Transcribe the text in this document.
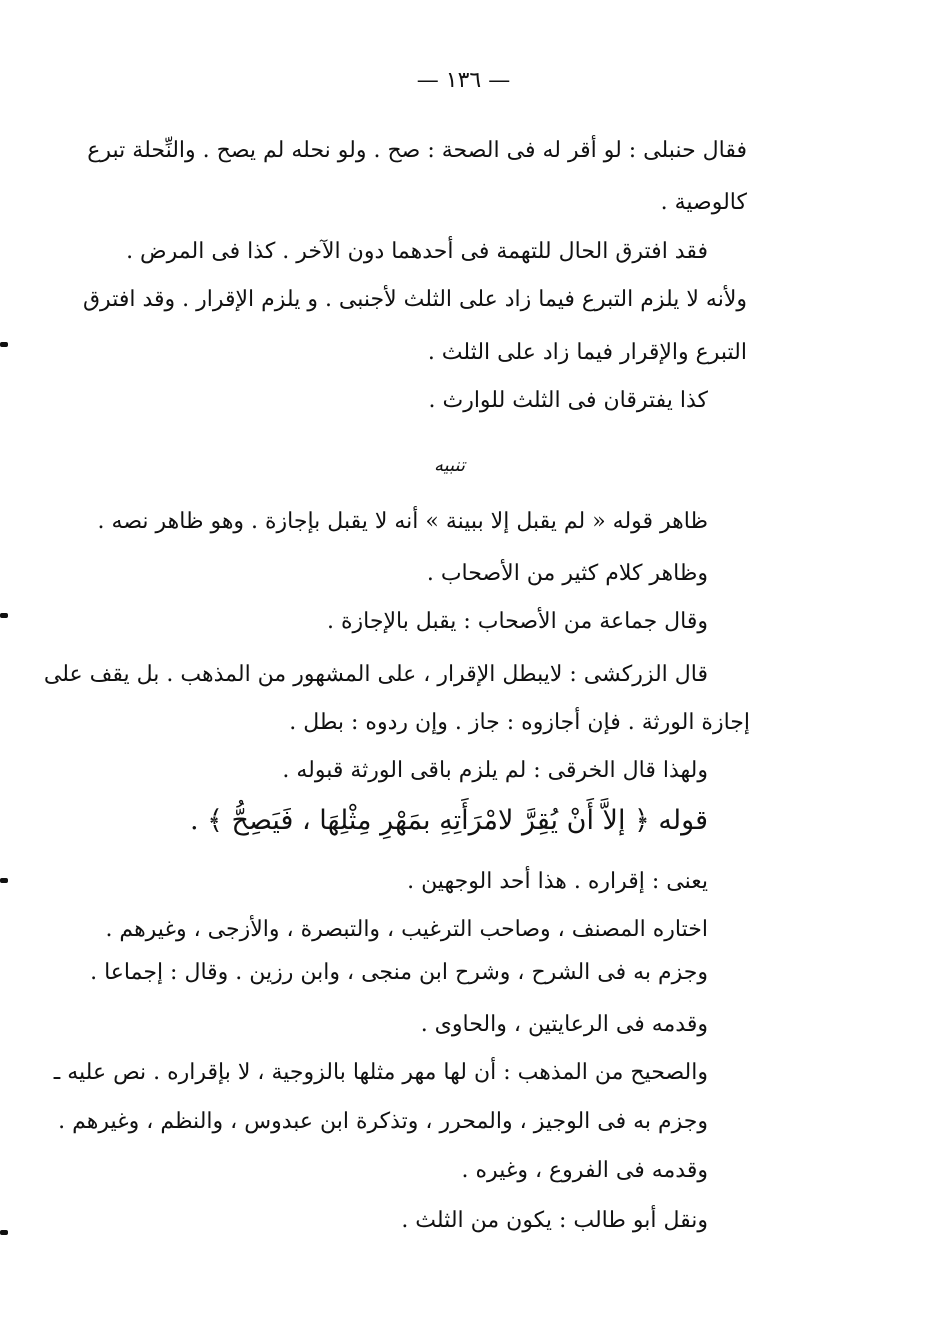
— ١٣٦ —
فقال حنبلى : لو أقر له فى الصحة : صح . ولو نحله لم يصح . والنِّحلة تبرع
كالوصية .
فقد افترق الحال للتهمة فى أحدهما دون الآخر . كذا فى المرض .
ولأنه لا يلزم التبرع فيما زاد على الثلث لأجنبى . و يلزم الإقرار . وقد افترق
التبرع والإقرار فيما زاد على الثلث .
كذا يفترقان فى الثلث للوارث .
تنبيه
ظاهر قوله « لم يقبل إلا ببينة » أنه لا يقبل بإجازة . وهو ظاهر نصه .
وظاهر كلام كثير من الأصحاب .
وقال جماعة من الأصحاب : يقبل بالإجازة .
قال الزركشى : لايبطل الإقرار ، على المشهور من المذهب . بل يقف على
إجازة الورثة . فإن أجازوه : جاز . وإن ردوه : بطل .
ولهذا قال الخرقى : لم يلزم باقى الورثة قبوله .
قوله ﴿ إلاَّ أَنْ يُقِرَّ لامْرَأَتِهِ بمَهْرِ مِثْلِهَا ، فَيَصِحُّ ﴾ .
يعنى : إقراره . هذا أحد الوجهين .
اختاره المصنف ، وصاحب الترغيب ، والتبصرة ، والأزجى ، وغيرهم .
وجزم به فى الشرح ، وشرح ابن منجى ، وابن رزين . وقال : إجماعا .
وقدمه فى الرعايتين ، والحاوى .
والصحيح من المذهب : أن لها مهر مثلها بالزوجية ، لا بإقراره . نص عليه ـ
وجزم به فى الوجيز ، والمحرر ، وتذكرة ابن عبدوس ، والنظم ، وغيرهم .
وقدمه فى الفروع ، وغيره .
ونقل أبو طالب : يكون من الثلث .
